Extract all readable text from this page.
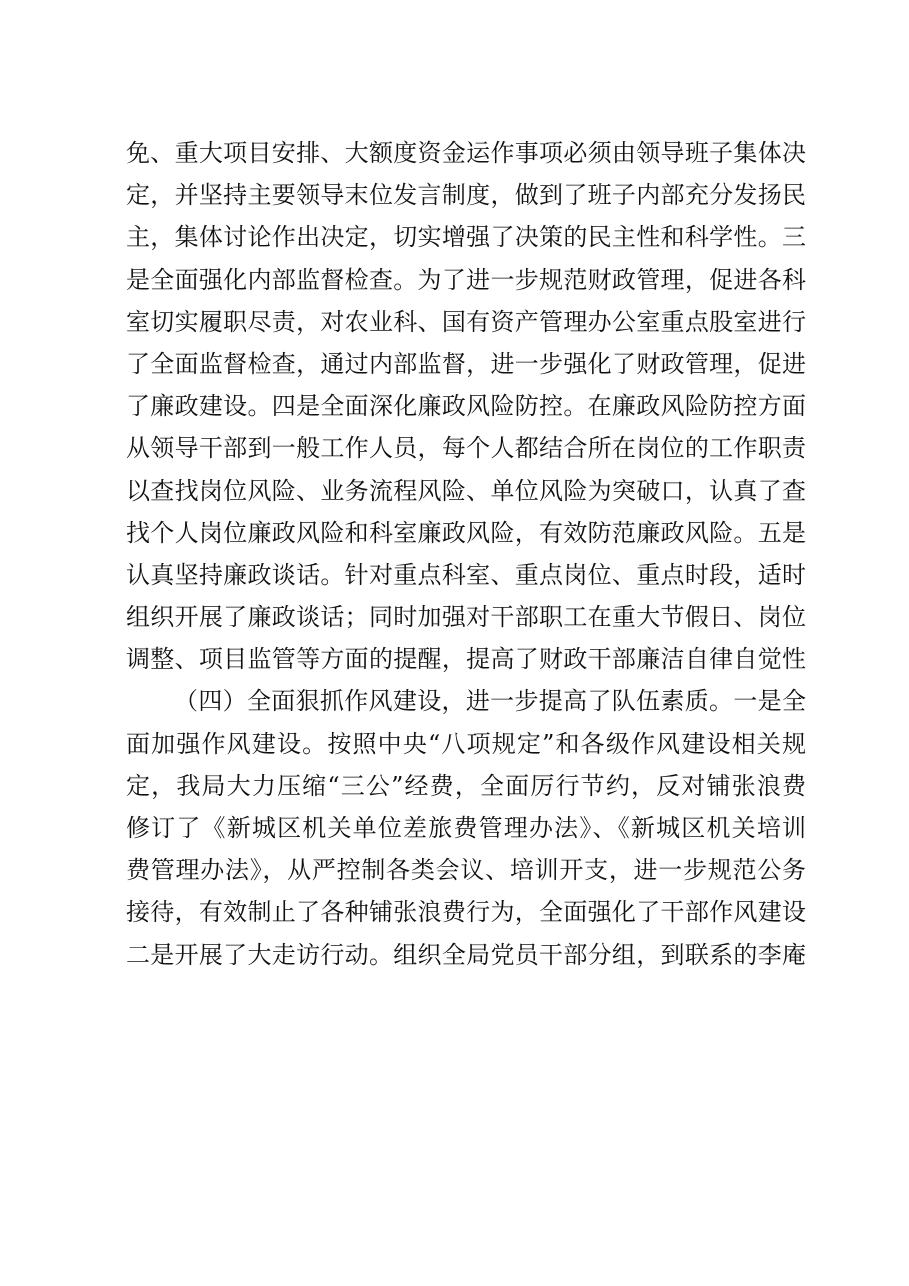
免、重大项目安排、大额度资金运作事项必须由领导班子集体决
定，并坚持主要领导末位发言制度，做到了班子内部充分发扬民
主，集体讨论作出决定，切实增强了决策的民主性和科学性。三
是全面强化内部监督检查。为了进一步规范财政管理，促进各科
室切实履职尽责，对农业科、国有资产管理办公室重点股室进行
了全面监督检查，通过内部监督，进一步强化了财政管理，促进
了廉政建设。四是全面深化廉政风险防控。在廉政风险防控方面
从领导干部到一般工作人员，每个人都结合所在岗位的工作职责
以查找岗位风险、业务流程风险、单位风险为突破口，认真了查
找个人岗位廉政风险和科室廉政风险，有效防范廉政风险。五是
认真坚持廉政谈话。针对重点科室、重点岗位、重点时段，适时
组织开展了廉政谈话；同时加强对干部职工在重大节假日、岗位
调整、项目监管等方面的提醒，提高了财政干部廉洁自律自觉性
（四）全面狠抓作风建设，进一步提高了队伍素质。一是全
面加强作风建设。按照中央“八项规定”和各级作风建设相关规
定，我局大力压缩“三公”经费，全面厉行节约，反对铺张浪费
修订了《新城区机关单位差旅费管理办法》、《新城区机关培训
费管理办法》，从严控制各类会议、培训开支，进一步规范公务
接待，有效制止了各种铺张浪费行为，全面强化了干部作风建设
二是开展了大走访行动。组织全局党员干部分组，到联系的李庵
